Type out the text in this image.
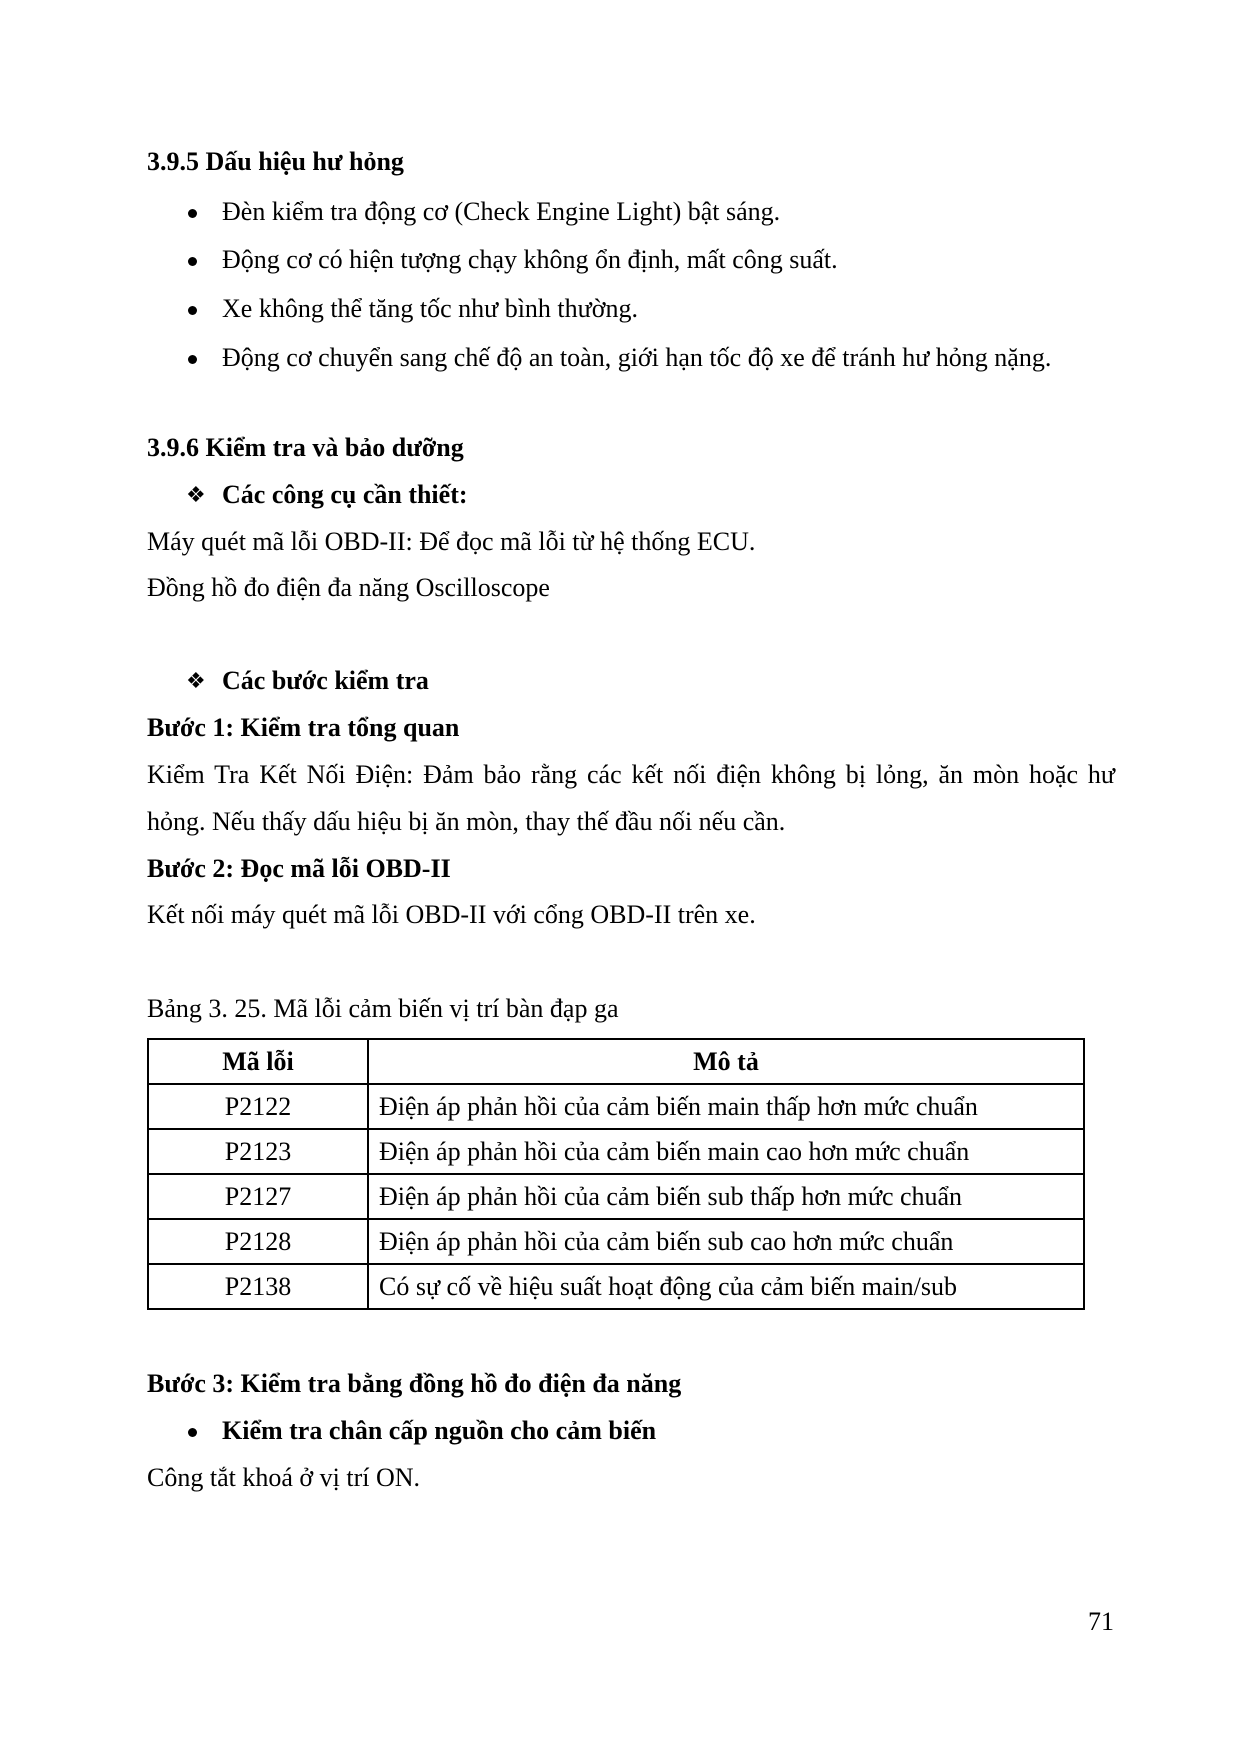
3.9.5 Dấu hiệu hư hỏng
Đèn kiểm tra động cơ (Check Engine Light) bật sáng.
Động cơ có hiện tượng chạy không ổn định, mất công suất.
Xe không thể tăng tốc như bình thường.
Động cơ chuyển sang chế độ an toàn, giới hạn tốc độ xe để tránh hư hỏng nặng.
3.9.6 Kiểm tra và bảo dưỡng
❖ Các công cụ cần thiết:
Máy quét mã lỗi OBD-II: Để đọc mã lỗi từ hệ thống ECU.
Đồng hồ đo điện đa năng Oscilloscope
❖ Các bước kiểm tra
Bước 1: Kiểm tra tổng quan
Kiểm Tra Kết Nối Điện: Đảm bảo rằng các kết nối điện không bị lỏng, ăn mòn hoặc hư
hỏng. Nếu thấy dấu hiệu bị ăn mòn, thay thế đầu nối nếu cần.
Bước 2: Đọc mã lỗi OBD-II
Kết nối máy quét mã lỗi OBD-II với cổng OBD-II trên xe.
Bảng 3. 25. Mã lỗi cảm biến vị trí bàn đạp ga
Mã lỗi	Mô tả
P2122	Điện áp phản hồi của cảm biến main thấp hơn mức chuẩn
P2123	Điện áp phản hồi của cảm biến main cao hơn mức chuẩn
P2127	Điện áp phản hồi của cảm biến sub thấp hơn mức chuẩn
P2128	Điện áp phản hồi của cảm biến sub cao hơn mức chuẩn
P2138	Có sự cố về hiệu suất hoạt động của cảm biến main/sub
Bước 3: Kiểm tra bằng đồng hồ đo điện đa năng
Kiểm tra chân cấp nguồn cho cảm biến
Công tắt khoá ở vị trí ON.
71
